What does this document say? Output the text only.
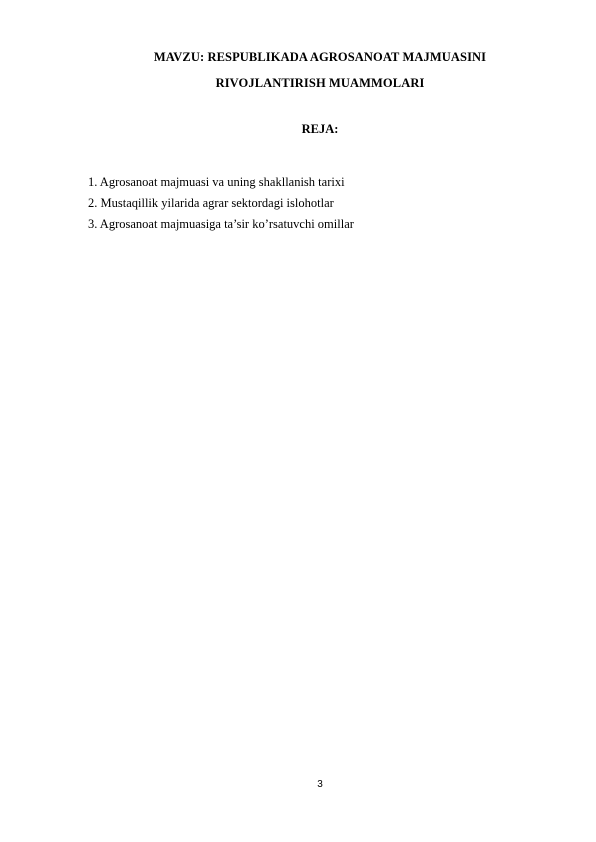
MAVZU: RESPUBLIKADA AGROSANOAT MAJMUASINI
RIVOJLANTIRISH MUAMMOLARI
REJA:
1. Agrosanoat majmuasi va uning shakllanish tarixi
2. Mustaqillik yilarida agrar sektordagi islohotlar
3. Agrosanoat majmuasiga ta’sir ko’rsatuvchi omillar
3
